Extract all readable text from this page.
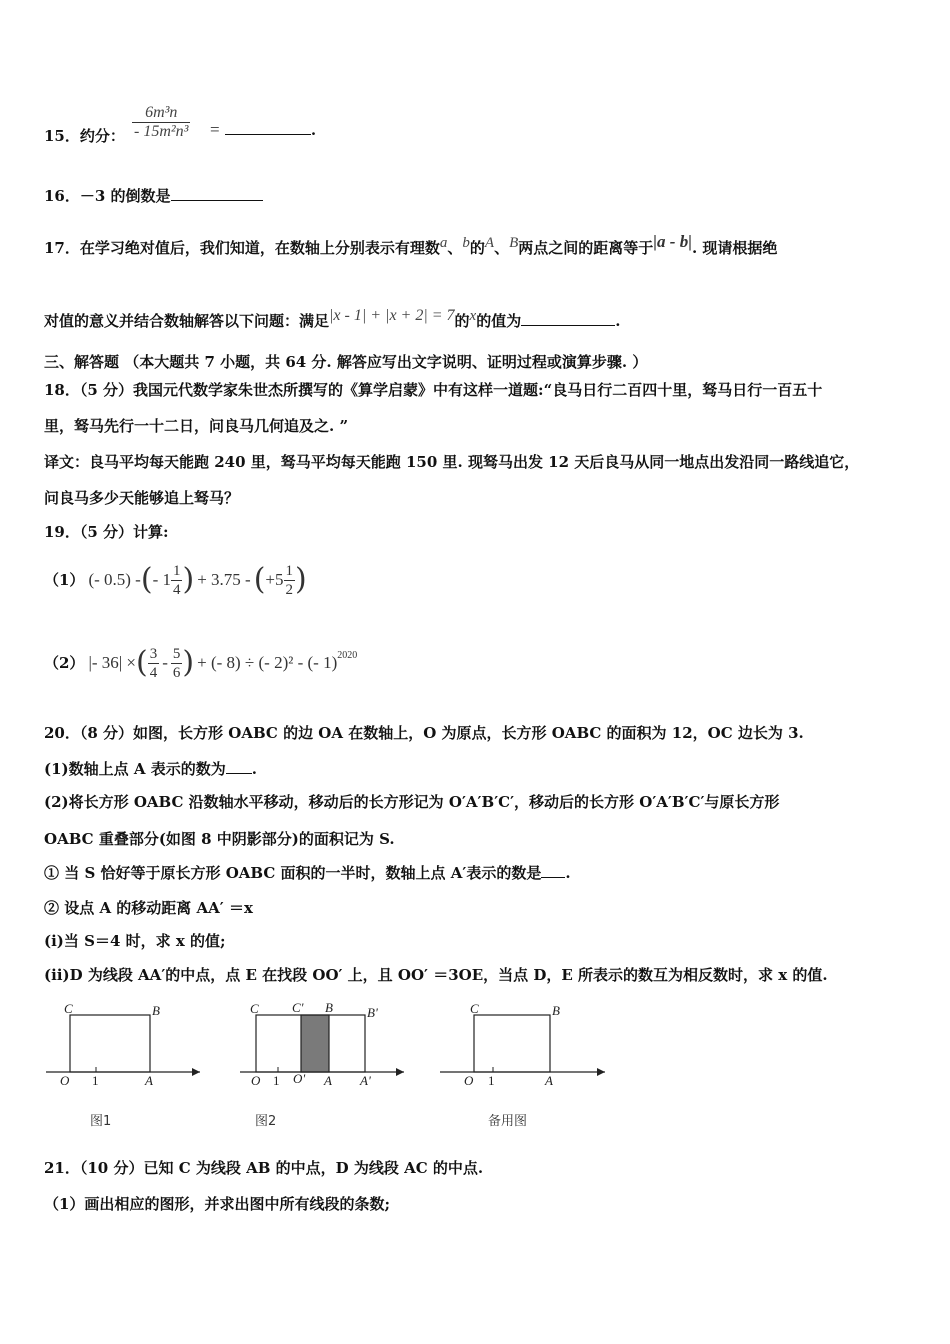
15．约分： $\frac{\text{6m³n}}{\text{- 15m²n³}}$ =	.
16．－3 的倒数是
17．在学习绝对值后，我们知道，在数轴上分别表示有理数a、b的A、B两点之间的距离等于|a - b|. 现请根据绝
对值的意义并结合数轴解答以下问题：满足|x - 1| + |x + 2| = 7的x的值为	.
三、解答题 （本大题共 7 小题，共 64 分. 解答应写出文字说明、证明过程或演算步骤. ）
18．（5 分）我国元代数学家朱世杰所撰写的《算学启蒙》中有这样一道题:“良马日行二百四十里，驽马日行一百五十
里，驽马先行一十二日，问良马几何追及之. ”
译文：良马平均每天能跑 240 里，驽马平均每天能跑 150 里. 现驽马出发 12 天后良马从同一地点出发沿同一路线追它，
问良马多少天能够追上驽马？
19．（5 分）计算:
（1） (- 0.5) - ( - $1 \frac{1}{4}$ ) + 3.75 - ( $+5 \frac{1}{2}$ )
（2） |- 36| × ( $\frac{3}{4} - \frac{5}{6}$ ) + (- 8) ÷ (- 2)² - (- 1) 2020
20．（8 分）如图，长方形 OABC 的边 OA 在数轴上，O 为原点，长方形 OABC 的面积为 12，OC 边长为 3.
(1)数轴上点 A 表示的数为 .
(2)将长方形 OABC 沿数轴水平移动，移动后的长方形记为 O′A′B′C′，移动后的长方形 O′A′B′C′与原长方形
OABC 重叠部分(如图 8 中阴影部分)的面积记为 S.
① 当 S 恰好等于原长方形 OABC 面积的一半时，数轴上点 A′表示的数是 .
② 设点 A 的移动距离 AA′ ＝x
(ⅰ)当 S＝4 时，求 x 的值;
(ⅱ)D 为线段 AA′的中点，点 E 在找段 OO′ 上，且 OO′ ＝3OE，当点 D，E 所表示的数互为相反数时，求 x 的值.
C	B
O 1	A
C	C' B	B'
O 1 O' A A'
C	B
O 1	A
图1	图2	备用图
21．（10 分）已知 C 为线段 AB 的中点，D 为线段 AC 的中点.
（1）画出相应的图形，并求出图中所有线段的条数;
